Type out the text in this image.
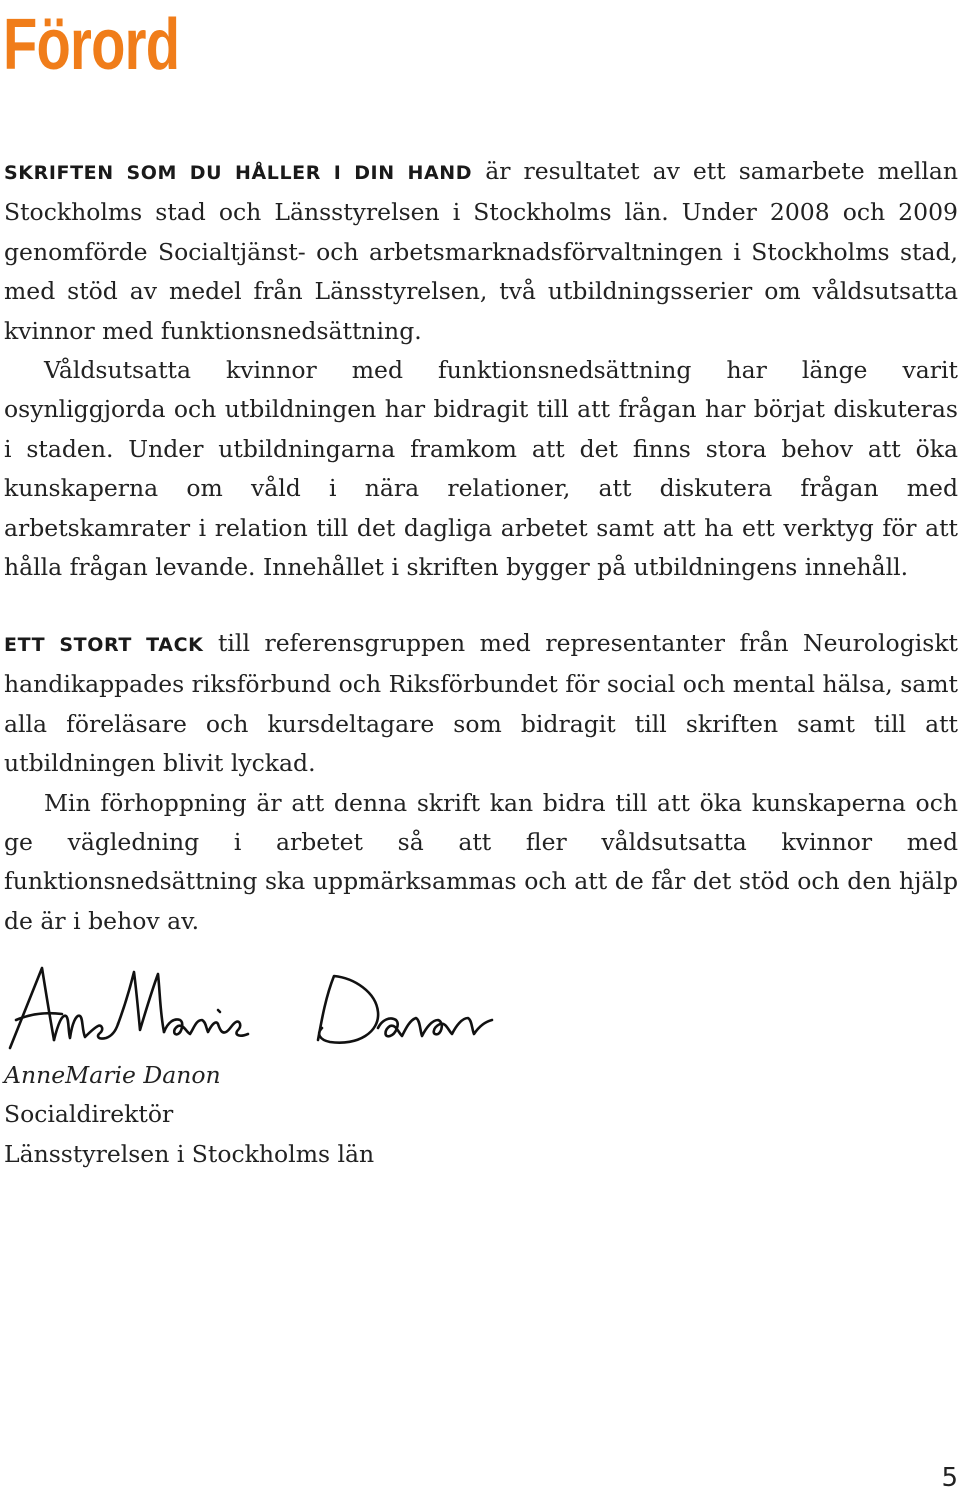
Förord

SKRIFTEN SOM DU HÅLLER I DIN HAND är resultatet av ett samarbete mellan Stockholms stad och Länsstyrelsen i Stockholms län. Under 2008 och 2009 genomförde Socialtjänst- och arbetsmarknadsförvaltningen i Stockholms stad, med stöd av medel från Länsstyrelsen, två utbildningsserier om våldsutsatta kvinnor med funktionsnedsättning.

Våldsutsatta kvinnor med funktionsnedsättning har länge varit osynliggjorda och utbildningen har bidragit till att frågan har börjat diskuteras i staden. Under utbildningarna framkom att det finns stora behov att öka kunskaperna om våld i nära relationer, att diskutera frågan med arbetskamrater i relation till det dagliga arbetet samt att ha ett verktyg för att hålla frågan levande. Innehållet i skriften bygger på utbildningens innehåll.

ETT STORT TACK till referensgruppen med representanter från Neurologiskt handikappades riksförbund och Riksförbundet för social och mental hälsa, samt alla föreläsare och kursdeltagare som bidragit till skriften samt till att utbildningen blivit lyckad.

Min förhoppning är att denna skrift kan bidra till att öka kunskaperna och ge vägledning i arbetet så att fler våldsutsatta kvinnor med funktionsnedsättning ska uppmärksammas och att de får det stöd och den hjälp de är i behov av.

AnneMarie Danon
Socialdirektör
Länsstyrelsen i Stockholms län
5
